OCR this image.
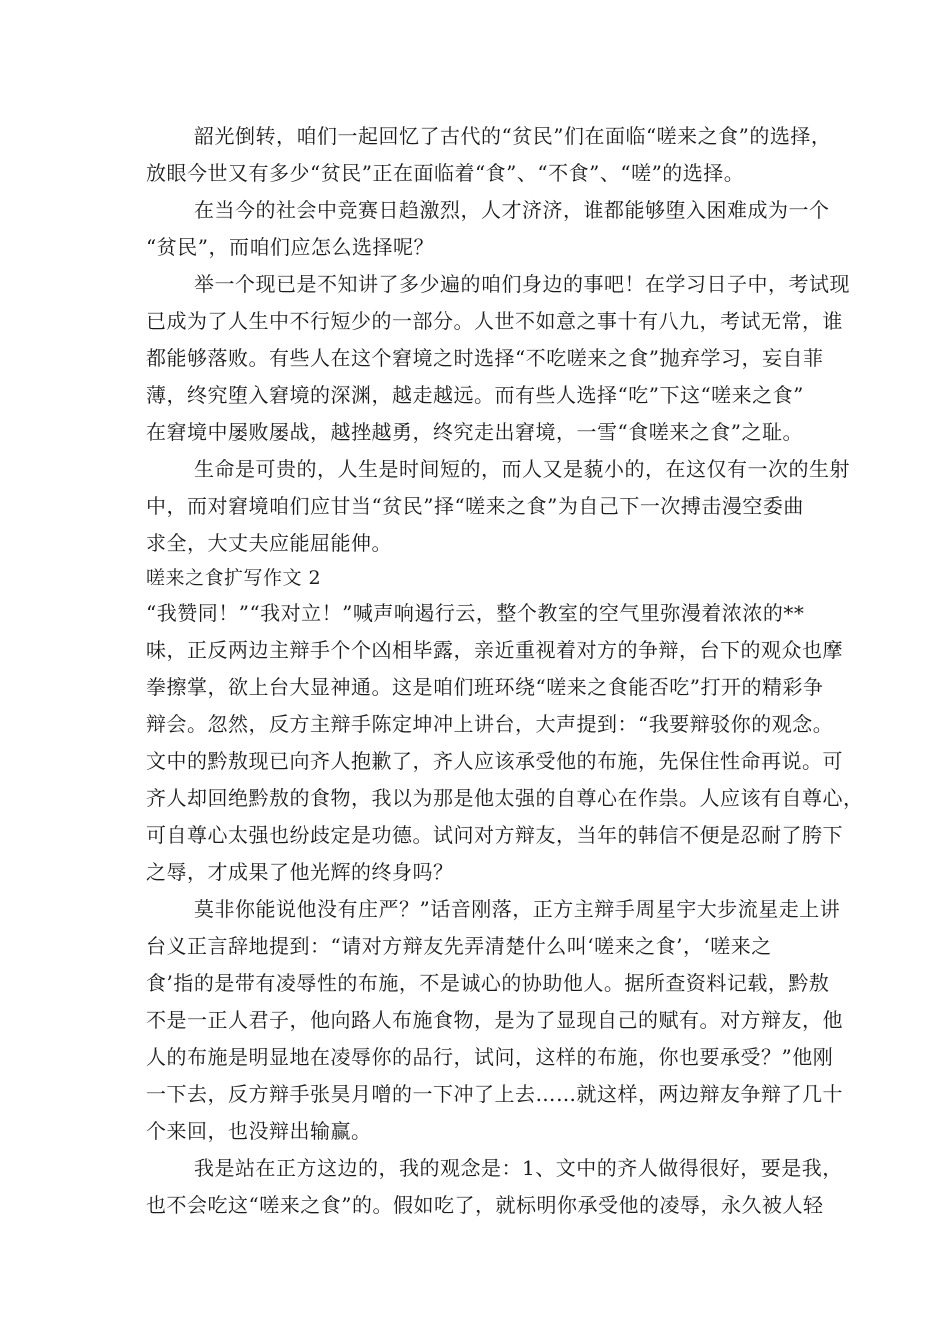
韶光倒转，咱们一起回忆了古代的“贫民”们在面临“嗟来之食”的选择，
放眼今世又有多少“贫民”正在面临着“食”、“不食”、“嗟”的选择。
在当今的社会中竞赛日趋激烈，人才济济，谁都能够堕入困难成为一个
“贫民”，而咱们应怎么选择呢？
举一个现已是不知讲了多少遍的咱们身边的事吧！在学习日子中，考试现
已成为了人生中不行短少的一部分。人世不如意之事十有八九，考试无常，谁
都能够落败。有些人在这个窘境之时选择“不吃嗟来之食”抛弃学习，妄自菲
薄，终究堕入窘境的深渊，越走越远。而有些人选择“吃”下这“嗟来之食”
在窘境中屡败屡战，越挫越勇，终究走出窘境，一雪“食嗟来之食”之耻。
生命是可贵的，人生是时间短的，而人又是藐小的，在这仅有一次的生射
中，而对窘境咱们应甘当“贫民”择“嗟来之食”为自己下一次搏击漫空委曲
求全，大丈夫应能屈能伸。
嗟来之食扩写作文 2
“我赞同！”“我对立！”喊声响遏行云，整个教室的空气里弥漫着浓浓的**
味，正反两边主辩手个个凶相毕露，亲近重视着对方的争辩，台下的观众也摩
拳擦掌，欲上台大显神通。这是咱们班环绕“嗟来之食能否吃”打开的精彩争
辩会。忽然，反方主辩手陈定坤冲上讲台，大声提到：“我要辩驳你的观念。
文中的黔敖现已向齐人抱歉了，齐人应该承受他的布施，先保住性命再说。可
齐人却回绝黔敖的食物，我以为那是他太强的自尊心在作祟。人应该有自尊心，
可自尊心太强也纷歧定是功德。试问对方辩友，当年的韩信不便是忍耐了胯下
之辱，才成果了他光辉的终身吗？
莫非你能说他没有庄严？”话音刚落，正方主辩手周星宇大步流星走上讲
台义正言辞地提到：“请对方辩友先弄清楚什么叫‘嗟来之食’，‘嗟来之
食’指的是带有凌辱性的布施，不是诚心的协助他人。据所查资料记载，黔敖
不是一正人君子，他向路人布施食物，是为了显现自己的赋有。对方辩友，他
人的布施是明显地在凌辱你的品行，试问，这样的布施，你也要承受？”他刚
一下去，反方辩手张昊月噌的一下冲了上去……就这样，两边辩友争辩了几十
个来回，也没辩出输赢。
我是站在正方这边的，我的观念是：1、文中的齐人做得很好，要是我，
也不会吃这“嗟来之食”的。假如吃了，就标明你承受他的凌辱，永久被人轻
